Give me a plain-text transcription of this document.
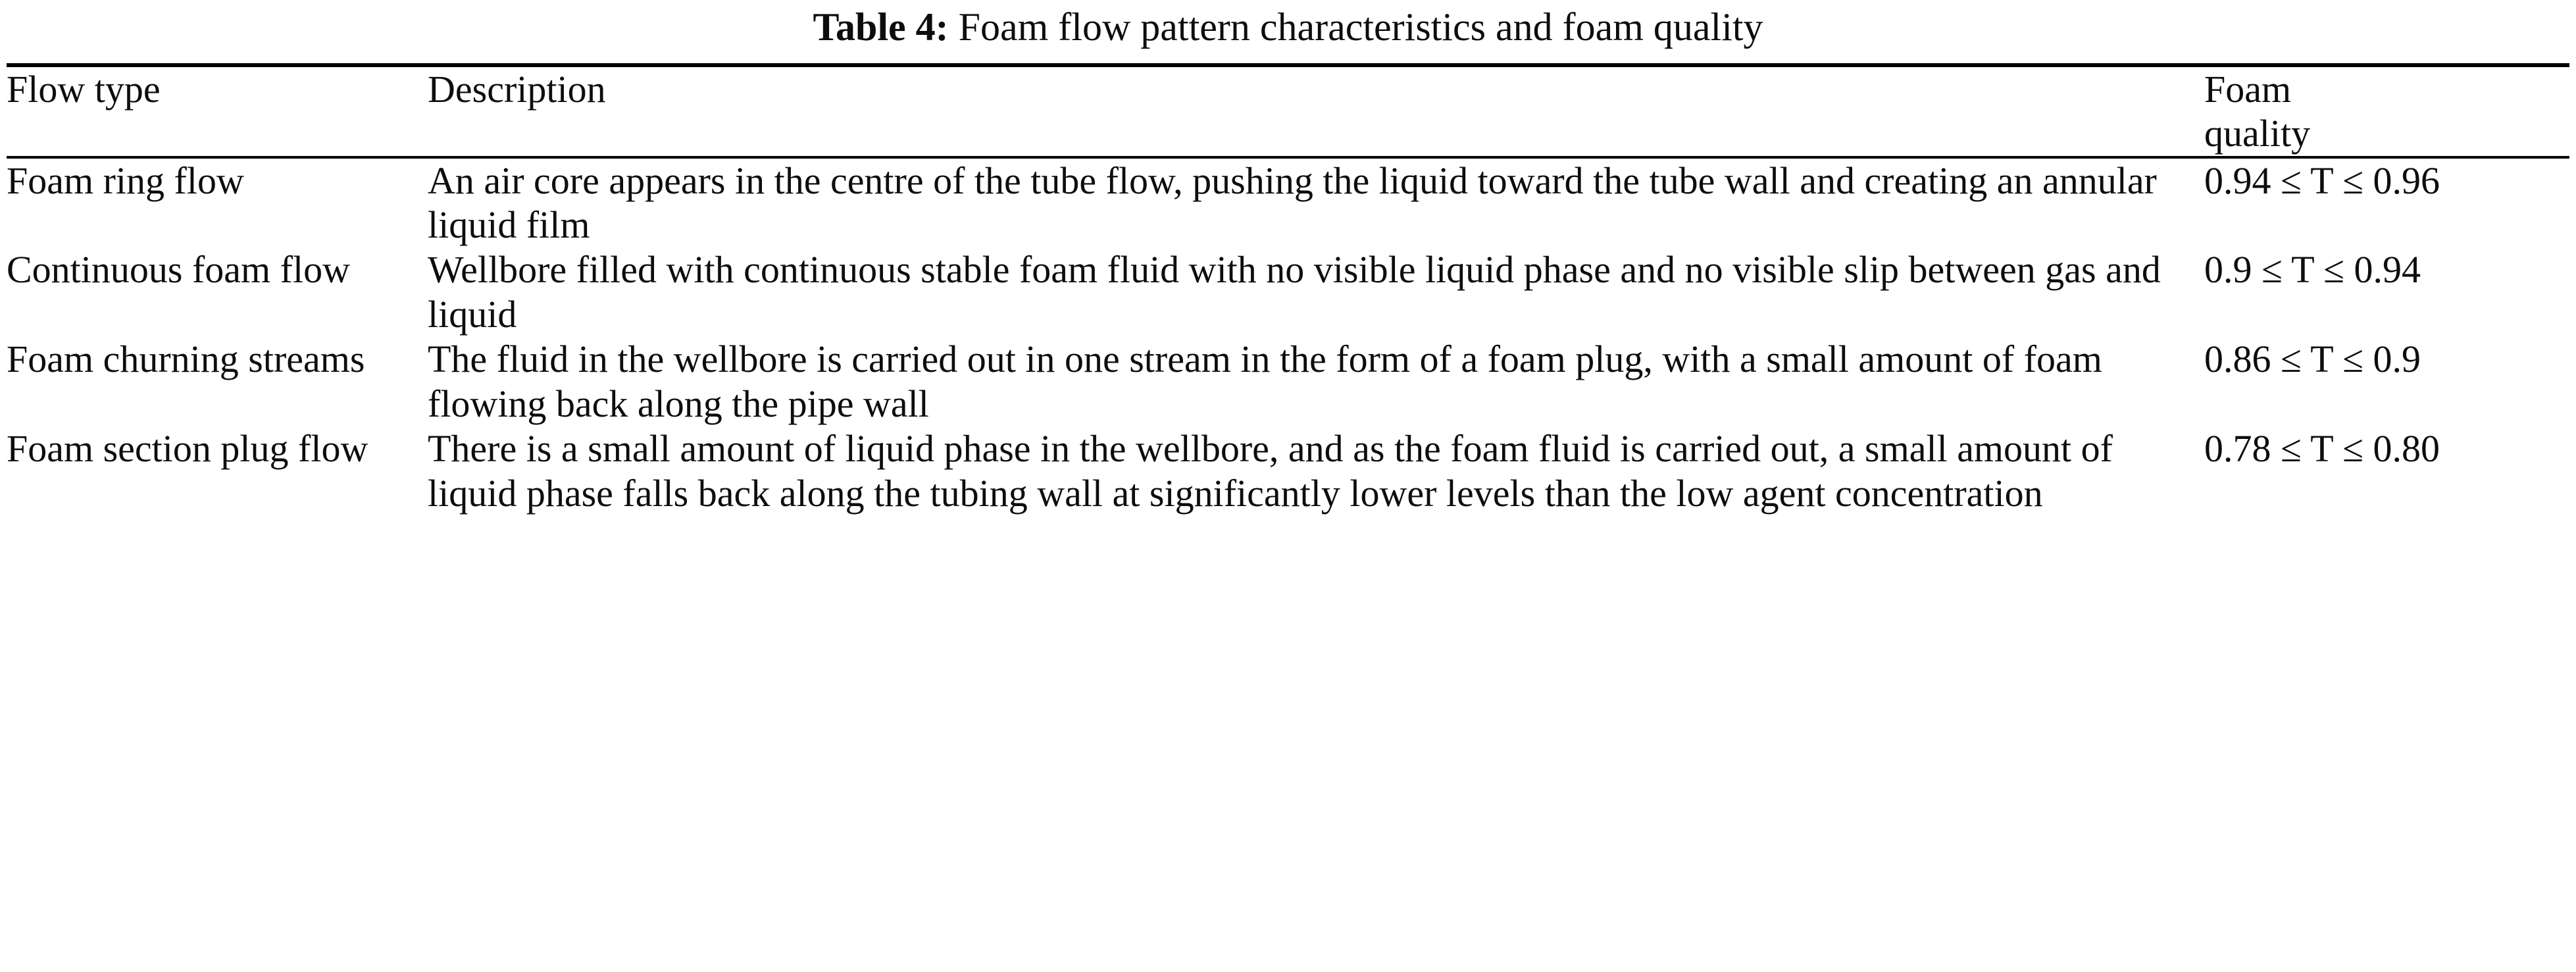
Table 4: Foam flow pattern characteristics and foam quality
Flow type	Description	Foam
quality

Foam ring flow	An air core appears in the centre of the tube flow, pushing the liquid toward the tube wall and creating an annular liquid film	0.94 ≤ T ≤ 0.96
Continuous foam flow	Wellbore filled with continuous stable foam fluid with no visible liquid phase and no visible slip between gas and liquid	0.9 ≤ T ≤ 0.94
Foam churning streams	The fluid in the wellbore is carried out in one stream in the form of a foam plug, with a small amount of foam flowing back along the pipe wall	0.86 ≤ T ≤ 0.9
Foam section plug flow	There is a small amount of liquid phase in the wellbore, and as the foam fluid is carried out, a small amount of liquid phase falls back along the tubing wall at significantly lower levels than the low agent concentration	0.78 ≤ T ≤ 0.80
